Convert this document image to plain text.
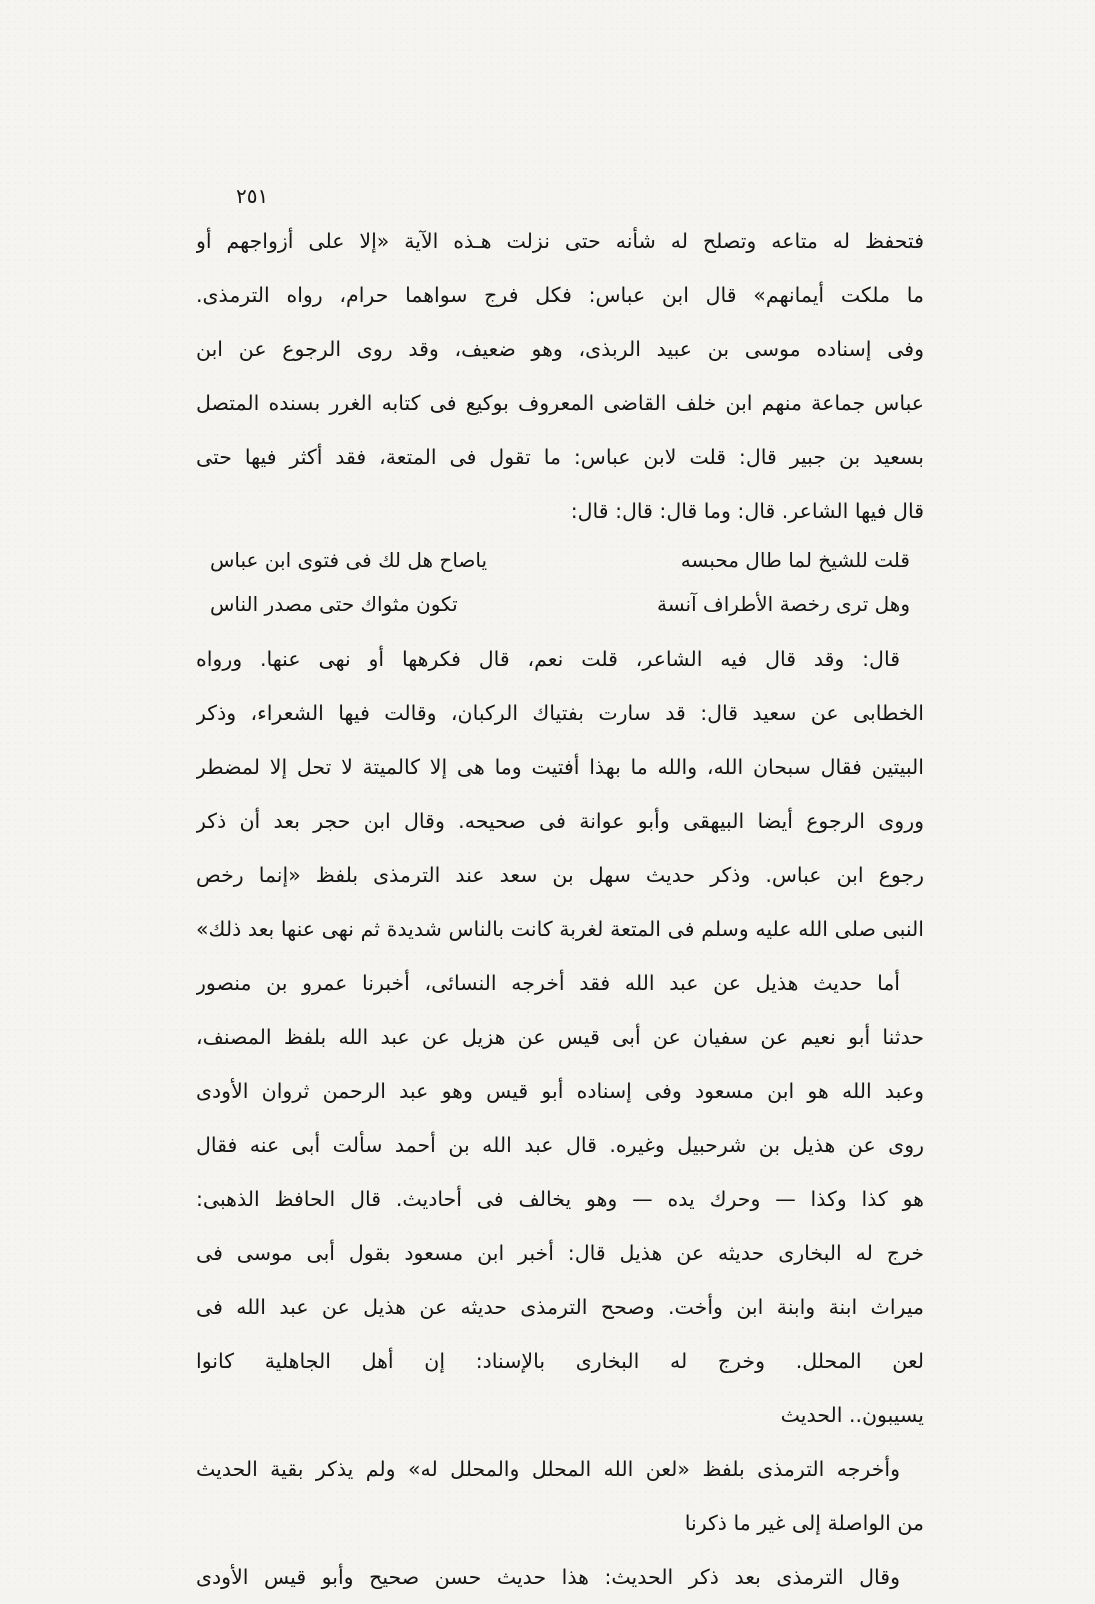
٢٥١
فتحفظ له متاعه وتصلح له شأنه حتى نزلت هـذه الآية «إلا على أزواجهم أو
ما ملكت أيمانهم» قال ابن عباس: فكل فرج سواهما حرام، رواه الترمذى.
وفى إسناده موسى بن عبيد الربذى، وهو ضعيف، وقد روى الرجوع عن ابن
عباس جماعة منهم ابن خلف القاضى المعروف بوكيع فى كتابه الغرر بسنده المتصل
بسعيد بن جبير قال: قلت لابن عباس: ما تقول فى المتعة، فقد أكثر فيها حتى
قال فيها الشاعر. قال: وما قال: قال: قال:
قلت للشيخ لما طال محبسه
ياصاح هل لك فى فتوى ابن عباس
وهل ترى رخصة الأطراف آنسة
تكون مثواك حتى مصدر الناس
قال: وقد قال فيه الشاعر، قلت نعم، قال فكرهها أو نهى عنها. ورواه
الخطابى عن سعيد قال: قد سارت بفتياك الركبان، وقالت فيها الشعراء، وذكر
البيتين فقال سبحان الله، والله ما بهذا أفتيت وما هى إلا كالميتة لا تحل إلا لمضطر
وروى الرجوع أيضا البيهقى وأبو عوانة فى صحيحه. وقال ابن حجر بعد أن ذكر
رجوع ابن عباس. وذكر حديث سهل بن سعد عند الترمذى بلفظ «إنما رخص
النبى صلى الله عليه وسلم فى المتعة لغربة كانت بالناس شديدة ثم نهى عنها بعد ذلك»
أما حديث هذيل عن عبد الله فقد أخرجه النسائى، أخبرنا عمرو بن منصور
حدثنا أبو نعيم عن سفيان عن أبى قيس عن هزيل عن عبد الله بلفظ المصنف،
وعبد الله هو ابن مسعود وفى إسناده أبو قيس وهو عبد الرحمن ثروان الأودى
روى عن هذيل بن شرحبيل وغيره. قال عبد الله بن أحمد سألت أبى عنه فقال
هو كذا وكذا — وحرك يده — وهو يخالف فى أحاديث. قال الحافظ الذهبى:
خرج له البخارى حديثه عن هذيل قال: أخبر ابن مسعود بقول أبى موسى فى
ميراث ابنة وابنة ابن وأخت. وصحح الترمذى حديثه عن هذيل عن عبد الله فى
لعن المحلل. وخرج له البخارى بالإسناد: إن أهل الجاهلية كانوا
يسيبون.. الحديث
وأخرجه الترمذى بلفظ «لعن الله المحلل والمحلل له» ولم يذكر بقية الحديث
من الواصلة إلى غير ما ذكرنا
وقال الترمذى بعد ذكر الحديث: هذا حديث حسن صحيح وأبو قيس الأودى
